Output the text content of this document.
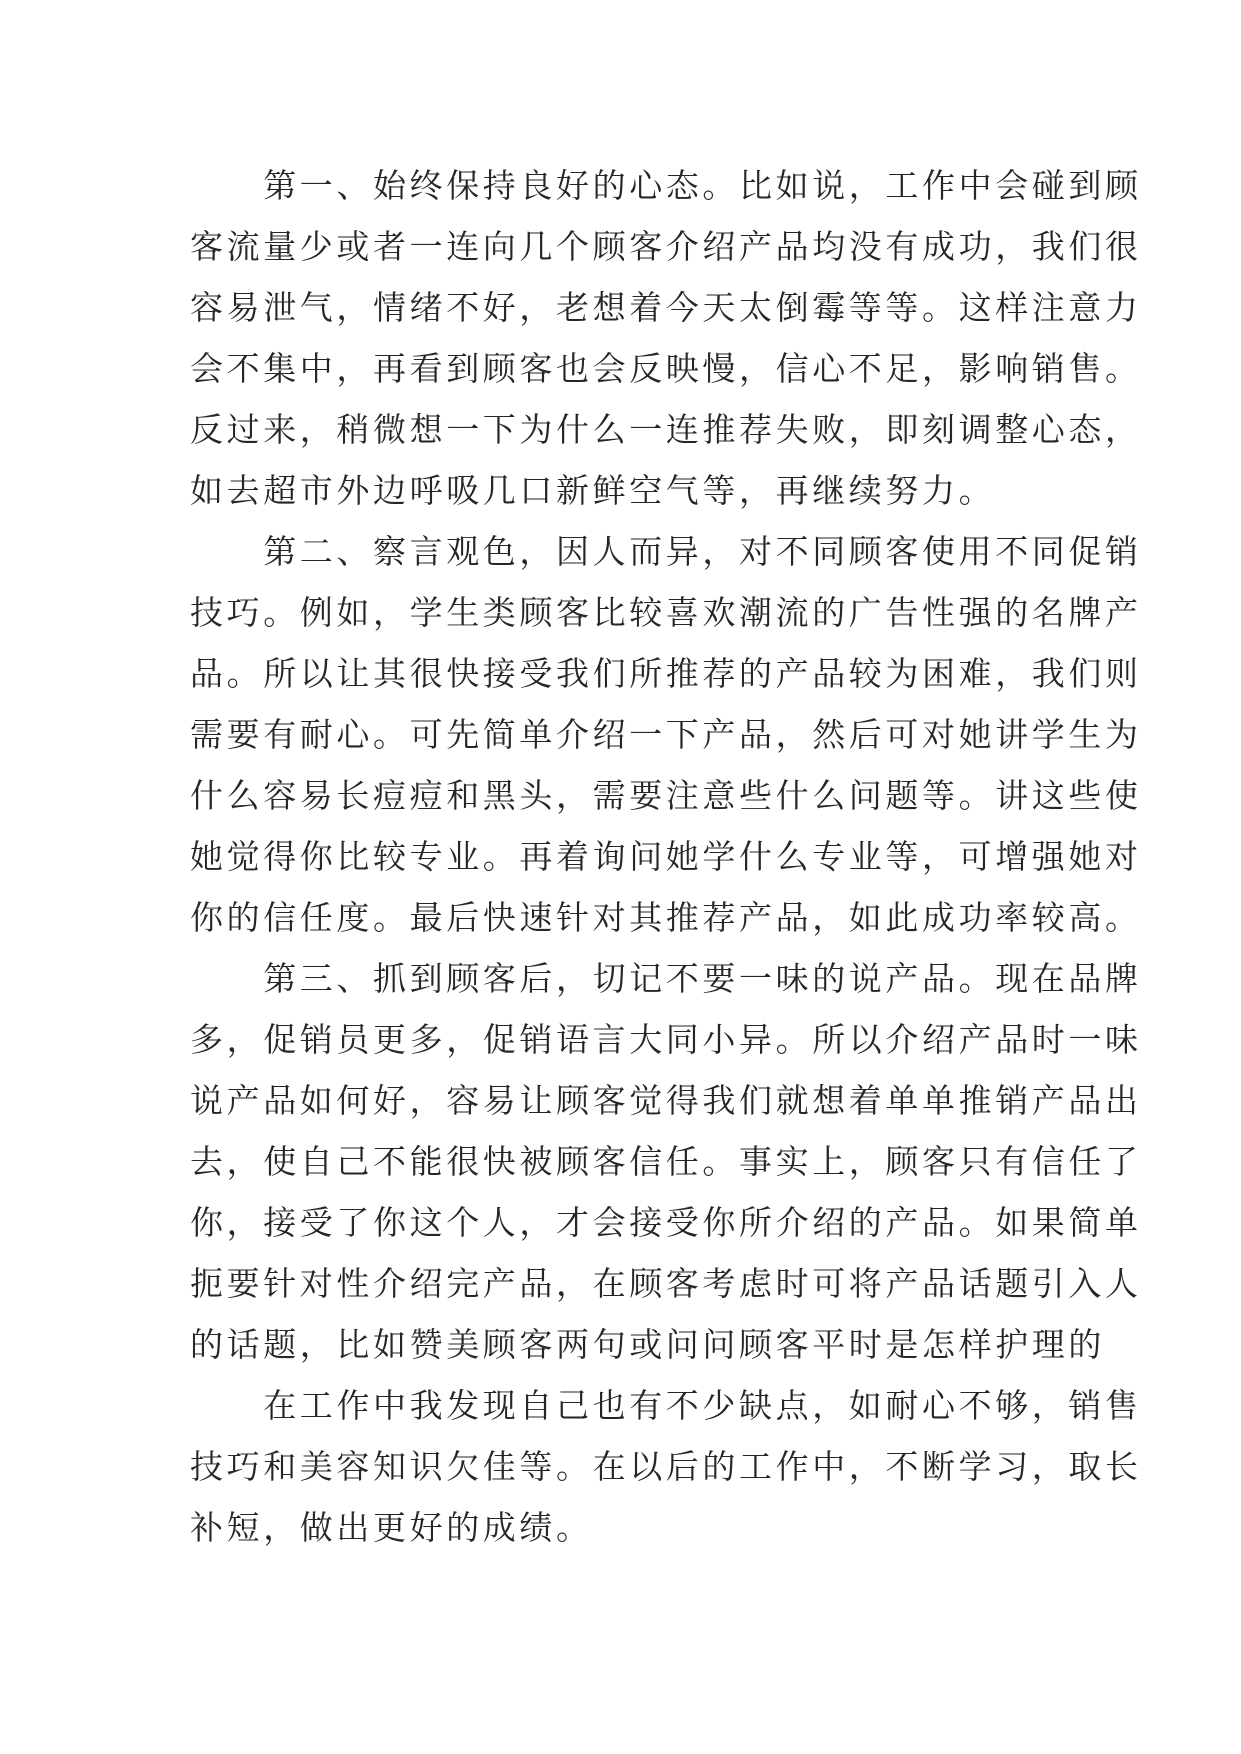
　　第一、始终保持良好的心态。比如说，工作中会碰到顾
客流量少或者一连向几个顾客介绍产品均没有成功，我们很
容易泄气，情绪不好，老想着今天太倒霉等等。这样注意力
会不集中，再看到顾客也会反映慢，信心不足，影响销售。
反过来，稍微想一下为什么一连推荐失败，即刻调整心态，
如去超市外边呼吸几口新鲜空气等，再继续努力。
　　第二、察言观色，因人而异，对不同顾客使用不同促销
技巧。例如，学生类顾客比较喜欢潮流的广告性强的名牌产
品。所以让其很快接受我们所推荐的产品较为困难，我们则
需要有耐心。可先简单介绍一下产品，然后可对她讲学生为
什么容易长痘痘和黑头，需要注意些什么问题等。讲这些使
她觉得你比较专业。再着询问她学什么专业等，可增强她对
你的信任度。最后快速针对其推荐产品，如此成功率较高。
　　第三、抓到顾客后，切记不要一味的说产品。现在品牌
多，促销员更多，促销语言大同小异。所以介绍产品时一味
说产品如何好，容易让顾客觉得我们就想着单单推销产品出
去，使自己不能很快被顾客信任。事实上，顾客只有信任了
你，接受了你这个人，才会接受你所介绍的产品。如果简单
扼要针对性介绍完产品，在顾客考虑时可将产品话题引入人
的话题，比如赞美顾客两句或问问顾客平时是怎样护理的
　　在工作中我发现自己也有不少缺点，如耐心不够，销售
技巧和美容知识欠佳等。在以后的工作中，不断学习，取长
补短，做出更好的成绩。
